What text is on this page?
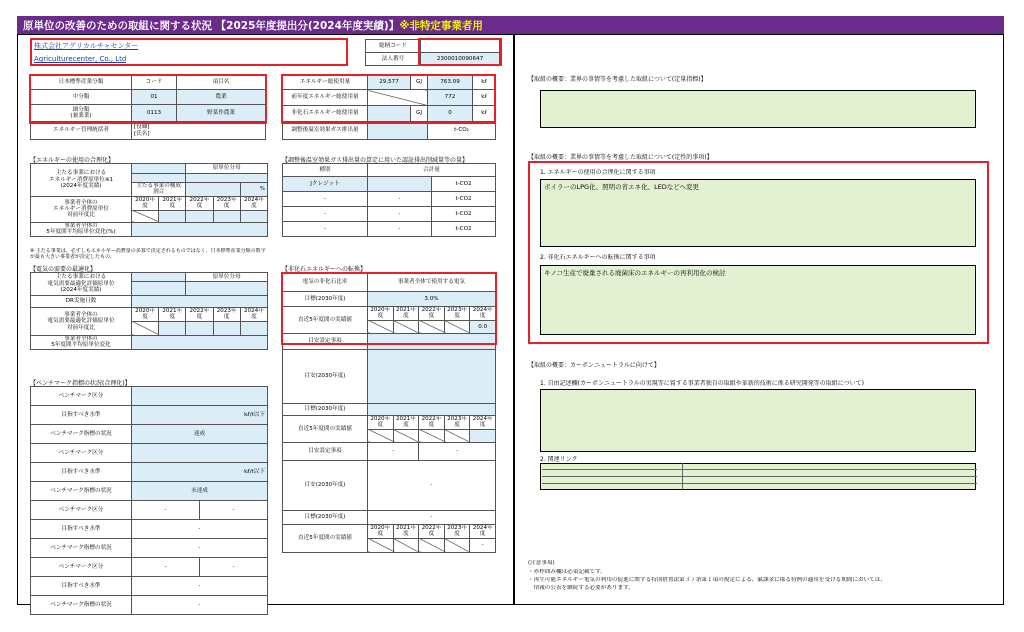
原単位の改善のための取組に関する状況 【2025年度提出分(2024年度実績)】※非特定事業者用
株式会社アグリカルチャセンター
Agriculturecenter, Co., Ltd
総柄コード	
法人番号	2300010090647
日本標準産業分類	コード	項目名
中分類	01	農業
細分類
(兼業業)	0113	野菜作農業
エネルギー管理統括者	[役職]
[氏名]	
エネルギー総使用量	29,577	GJ	763.09	kℓ
前年度エネルギー総使用量			772	kℓ
非化石エネルギー総使用量		GJ	0	kℓ
調整後温室効果ガス排出量			t-CO₂	
【エネルギーの使用の合理化】
主たる事業における
エネルギー消費原単位※1
(2024年度実績)			原単位分母		

	主たる事業の構成割合				%
事業者全体の
エネルギー消費原単位
対前年度比	2020年度	2021年度	2022年度	2023年度	2024年度

事業者全体の
5年度間平均原単位変化(%)					
※ 主たる事業は、必ずしもエネルギー消費量の多寡で決定されるものではなく、日本標準産業分類の数字が最も大きい事業者が決定したもの。
【調整後温室効果ガス排出量の算定に用いた認証排出削減量等の量】
種別	合計量	
Jクレジット		t-CO2
-	-	t-CO2
-	-	t-CO2
-	-	t-CO2
【電気の需要の最適化】
主たる事業における
電気需要最適化評価原単位
(2024年度実績)			原単位分母		

DR実施日数					
事業者全体の
電気需要最適化評価原単位
対前年度比	2020年度	2021年度	2022年度	2023年度	2024年度

事業者全体の
5年度間平均原単位変化					
【非化石エネルギーへの転換】
電気の非化石比率	事業者全体で使用する電気				
目標(2030年度)	3.0%				
直近5年度間の実績値	2020年度	2021年度	2022年度	2023年度	2024年度
					0.0
目安設定事項					
目安(2030年度)					
目標(2030年度)					
直近5年度間の実績値	2020年度	2021年度	2022年度	2023年度	2024年度

目安設定事項	-		-		
目安(2030年度)	-				
目標(2030年度)	-				
直近5年度間の実績値	2020年度	2021年度	2022年度	2023年度	2024年度
					-
【ベンチマーク指標の状況(合理化)】
ベンチマーク区分		
目指すべき水準	kℓ/t以下	
ベンチマーク指標の状況	達成	
ベンチマーク区分		
目指すべき水準	kℓ/t以下	
ベンチマーク指標の状況	未達成	
ベンチマーク区分	-	-
目指すべき水準	-	
ベンチマーク指標の状況	-	
ベンチマーク区分	-	-
目指すべき水準	-	
ベンチマーク指標の状況	-	
【取組の概要：業界の事情等を考慮した取組について(定量指標)】
【取組の概要：業界の事情等を考慮した取組について(定性的事項)】
1. エネルギーの使用の合理化に関する事項
ボイラーのLPG化、照明の省エネ化、LEDなどへ変更
2. 非化石エネルギーへの転換に関する事項
キノコ生産で廃棄される廃菌床のエネルギーの再利用化の検討
【取組の概要：カーボンニュートラルに向けて】
1. 自由記述欄(カーボンニュートラルの実現等に資する事業者独自の取組や革新的技術に係る研究開発等の取組について)
2. 関連リンク
(注意事項)
・赤枠囲み欄は必須記載です。
・再生可能エネルギー電気の利用の促進に関する特別措置法第３７条第１項の規定による、賦課金に係る特例の適用を受ける期間においては、
　情報の公表を継続する必要があります。
